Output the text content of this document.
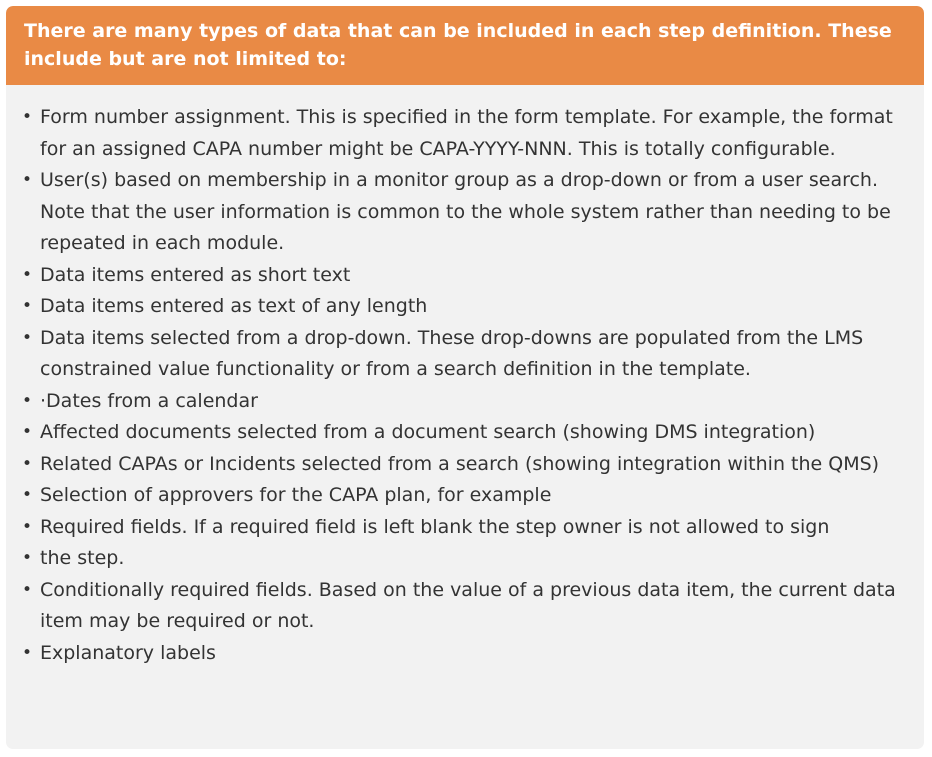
There are many types of data that can be included in each step definition. These include but are not limited to:
• Form number assignment. This is specified in the form template. For example, the format for an assigned CAPA number might be CAPA-YYYY-NNN. This is totally configurable.
• User(s) based on membership in a monitor group as a drop-down or from a user search. Note that the user information is common to the whole system rather than needing to be repeated in each module.
• Data items entered as short text
• Data items entered as text of any length
• Data items selected from a drop-down. These drop-downs are populated from the LMS constrained value functionality or from a search definition in the template.
• ·Dates from a calendar
• Affected documents selected from a document search (showing DMS integration)
• Related CAPAs or Incidents selected from a search (showing integration within the QMS)
• Selection of approvers for the CAPA plan, for example
• Required fields. If a required field is left blank the step owner is not allowed to sign
• the step.
• Conditionally required fields. Based on the value of a previous data item, the current data item may be required or not.
• Explanatory labels
